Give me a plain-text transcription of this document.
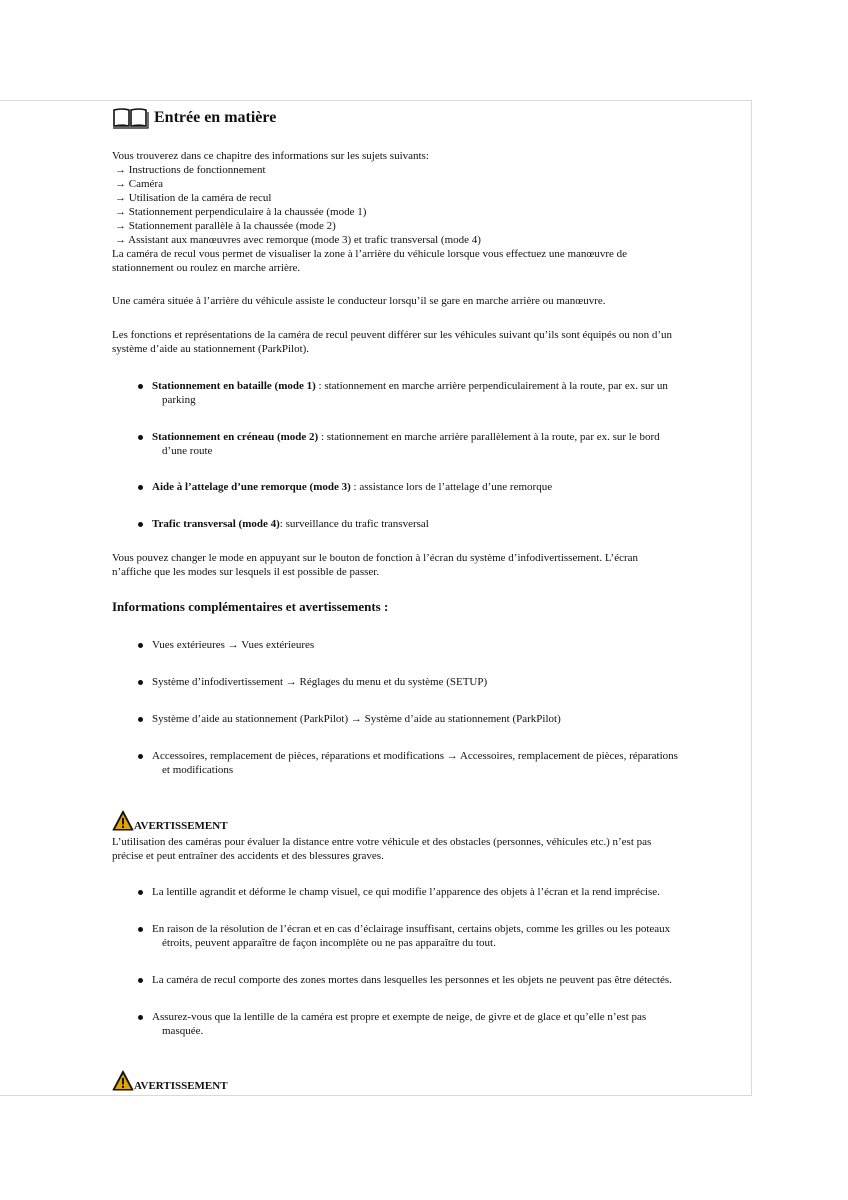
Entrée en matière
Vous trouverez dans ce chapitre des informations sur les sujets suivants:
→ Instructions de fonctionnement
→ Caméra
→ Utilisation de la caméra de recul
→ Stationnement perpendiculaire à la chaussée (mode 1)
→ Stationnement parallèle à la chaussée (mode 2)
→ Assistant aux manœuvres avec remorque (mode 3) et trafic transversal (mode 4)
La caméra de recul vous permet de visualiser la zone à l’arrière du véhicule lorsque vous effectuez une manœuvre de
stationnement ou roulez en marche arrière.
Une caméra située à l’arrière du véhicule assiste le conducteur lorsqu’il se gare en marche arrière ou manœuvre.
Les fonctions et représentations de la caméra de recul peuvent différer sur les véhicules suivant qu’ils sont équipés ou non d’un
système d’aide au stationnement (ParkPilot).
Stationnement en bataille (mode 1) : stationnement en marche arrière perpendiculairement à la route, par ex. sur un
parking
Stationnement en créneau (mode 2) : stationnement en marche arrière parallèlement à la route, par ex. sur le bord
d’une route
Aide à l’attelage d’une remorque (mode 3) : assistance lors de l’attelage d’une remorque
Trafic transversal (mode 4): surveillance du trafic transversal
Vous pouvez changer le mode en appuyant sur le bouton de fonction à l’écran du système d’infodivertissement. L’écran
n’affiche que les modes sur lesquels il est possible de passer.
Informations complémentaires et avertissements :
Vues extérieures → Vues extérieures
Système d’infodivertissement → Réglages du menu et du système (SETUP)
Système d’aide au stationnement (ParkPilot) → Système d’aide au stationnement (ParkPilot)
Accessoires, remplacement de pièces, réparations et modifications → Accessoires, remplacement de pièces, réparations
et modifications
AVERTISSEMENT
L’utilisation des caméras pour évaluer la distance entre votre véhicule et des obstacles (personnes, véhicules etc.) n’est pas
précise et peut entraîner des accidents et des blessures graves.
La lentille agrandit et déforme le champ visuel, ce qui modifie l’apparence des objets à l’écran et la rend imprécise.
En raison de la résolution de l’écran et en cas d’éclairage insuffisant, certains objets, comme les grilles ou les poteaux
étroits, peuvent apparaître de façon incomplète ou ne pas apparaître du tout.
La caméra de recul comporte des zones mortes dans lesquelles les personnes et les objets ne peuvent pas être détectés.
Assurez-vous que la lentille de la caméra est propre et exempte de neige, de givre et de glace et qu’elle n’est pas
masquée.
AVERTISSEMENT
